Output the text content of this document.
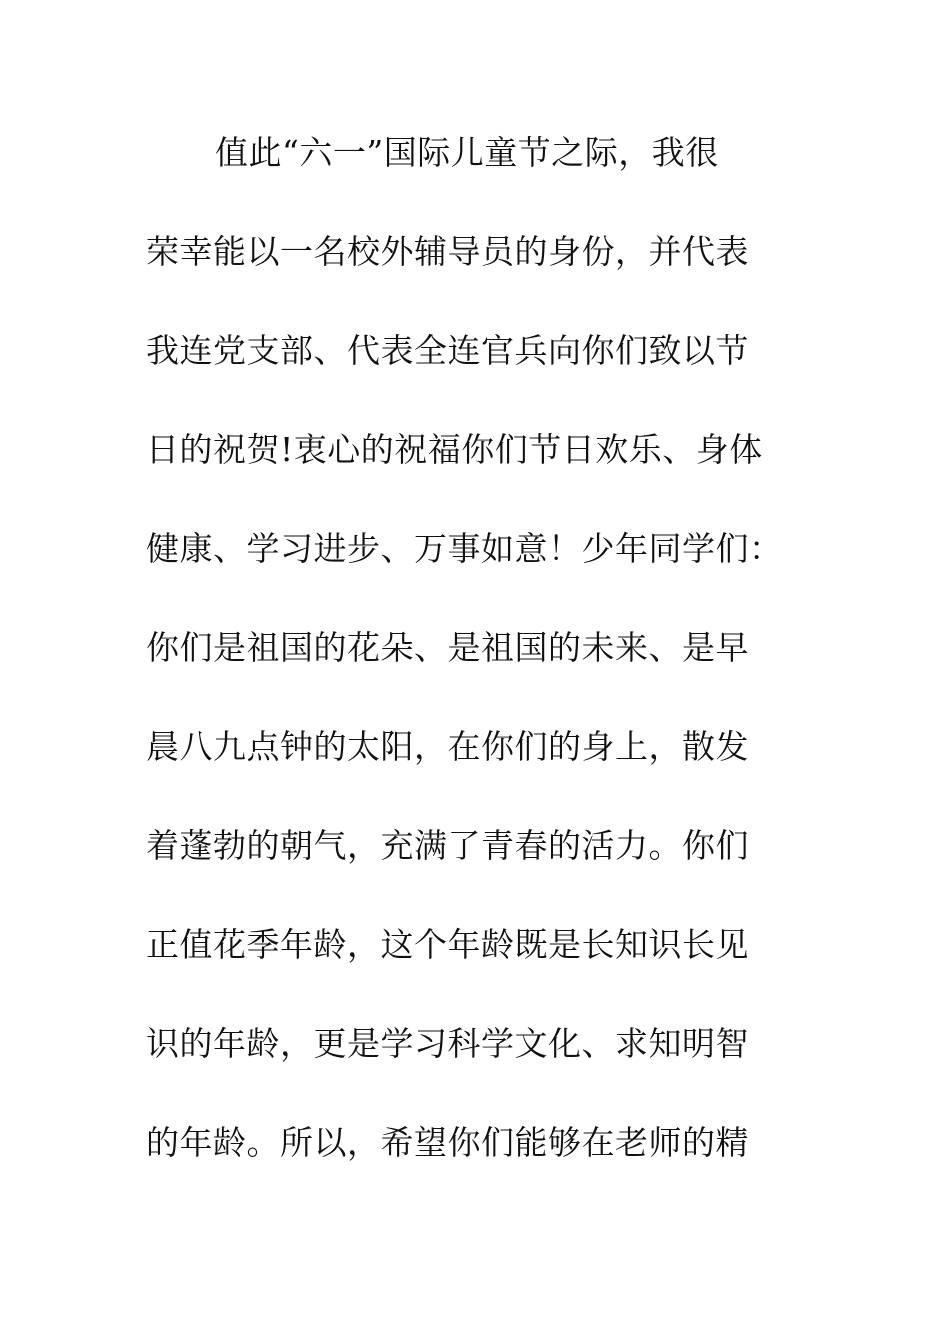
值此“六一”国际儿童节之际，我很
荣幸能以一名校外辅导员的身份，并代表
我连党支部、代表全连官兵向你们致以节
日的祝贺!衷心的祝福你们节日欢乐、身体
健康、学习进步、万事如意！少年同学们：
你们是祖国的花朵、是祖国的未来、是早
晨八九点钟的太阳，在你们的身上，散发
着蓬勃的朝气，充满了青春的活力。你们
正值花季年龄，这个年龄既是长知识长见
识的年龄，更是学习科学文化、求知明智
的年龄。所以，希望你们能够在老师的精
